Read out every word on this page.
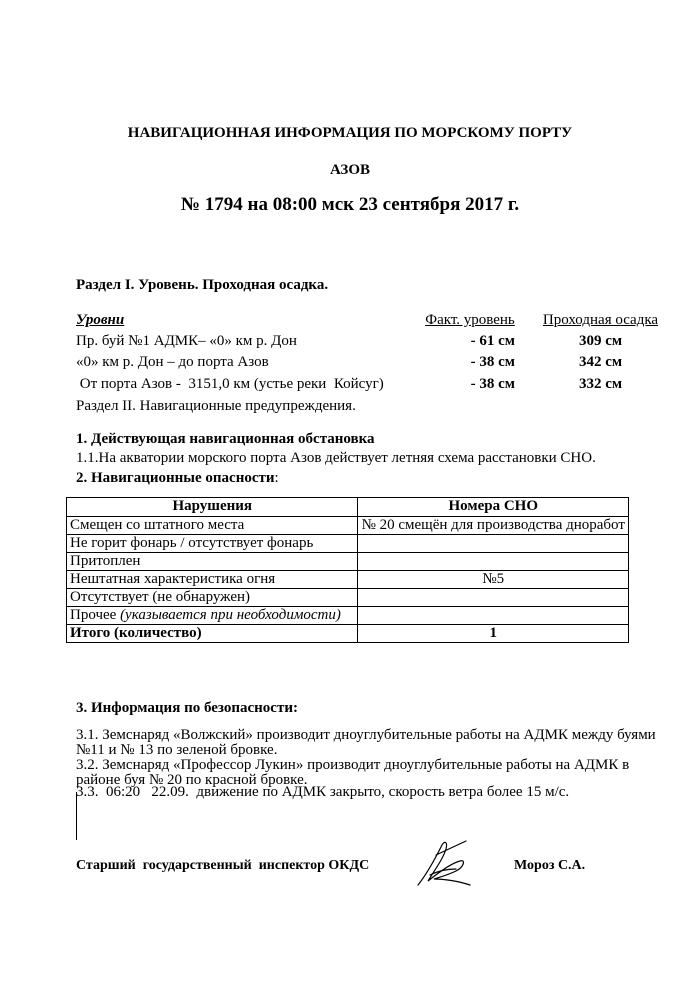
НАВИГАЦИОННАЯ ИНФОРМАЦИЯ ПО МОРСКОМУ ПОРТУ
АЗОВ
№ 1794 на 08:00 мск 23 сентября 2017 г.
Раздел I. Уровень. Проходная осадка.
Уровни	Факт. уровень	Проходная осадка
Пр. буй №1 АДМК– «0» км р. Дон	- 61 см	309 см
«0» км р. Дон – до порта Азов	- 38 см	342 см
От порта Азов -  3151,0 км (устье реки  Койсуг)	- 38 см	332 см
Раздел II. Навигационные предупреждения.
1. Действующая навигационная обстановка
1.1.На акватории морского порта Азов действует летняя схема расстановки СНО.
2. Навигационные опасности:
Нарушения	Номера СНО
Смещен со штатного места	№ 20 смещён для производства дноработ
Не горит фонарь / отсутствует фонарь	
Притоплен	
Нештатная характеристика огня	№5
Отсутствует (не обнаружен)	
Прочее (указывается при необходимости)	
Итого (количество)	1
3. Информация по безопасности:
3.1. Земснаряд «Волжский» производит дноуглубительные работы на АДМК между буями №11 и № 13 по зеленой бровке.
3.2. Земснаряд «Профессор Лукин» производит дноуглубительные работы на АДМК в районе буя № 20 по красной бровке.
3.3.  06:20   22.09.  движение по АДМК закрыто, скорость ветра более 15 м/с.
Старший  государственный  инспектор ОКДС	Мороз С.А.
